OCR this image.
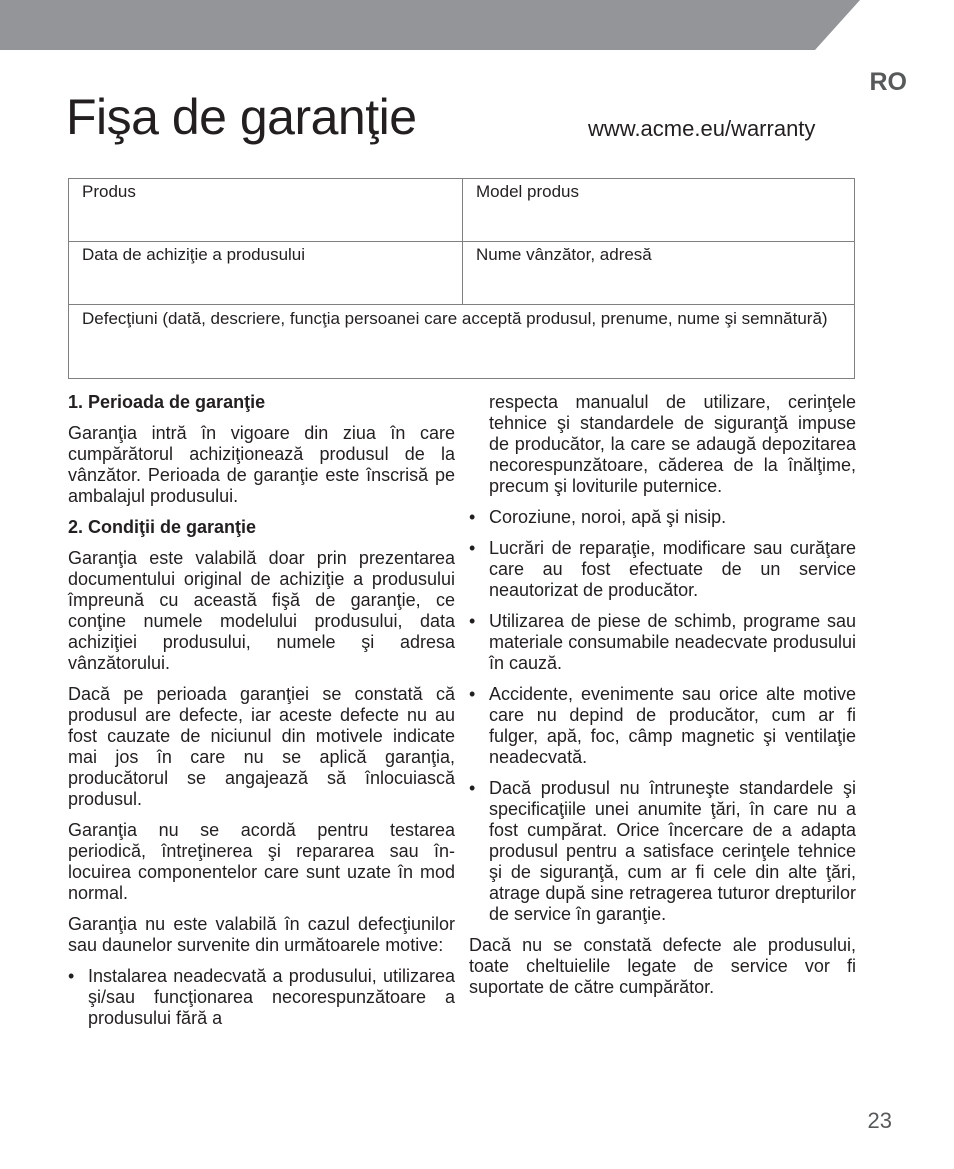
RO
Fişa de garanţie	www.acme.eu/warranty
Produs	Model produs
Data de achiziţie a produsului	Nume vânzător, adresă
Defecţiuni (dată, descriere, funcţia persoanei care acceptă produsul, prenume, nume şi semnătură)
1. Perioada de garanţie

Garanţia intră în vigoare din ziua în care cumpărătorul achiziţionează produsul de la vânzător. Perioada de garanţie este înscrisă pe ambalajul produsului.

2. Condiţii de garanţie

Garanţia este valabilă doar prin prezentarea documentului original de achiziţie a produsului împreună cu această fişă de garanţie, ce conţine numele modelului produsului, data achiziţiei produsului, numele şi adresa vânzătorului.

Dacă pe perioada garanţiei se constată că produsul are defecte, iar aceste defecte nu au fost cauzate de niciunul din motivele indicate mai jos în care nu se aplică garanţia, producătorul se angajează să înlocuiască produsul.

Garanţia nu se acordă pentru testarea periodică, întreţinerea şi repararea sau în-locuirea componentelor care sunt uzate în mod normal.

Garanţia nu este valabilă în cazul defecţiunilor sau daunelor survenite din următoarele motive:

• Instalarea neadecvată a produsului, utilizarea şi/sau funcţionarea necorespunzătoare a produsului fără a
respecta manualul de utilizare, cerinţele tehnice şi standardele de siguranţă impuse de producător, la care se adaugă depozitarea necorespunzătoare, căderea de la înălţime, precum şi loviturile puternice.
• Coroziune, noroi, apă şi nisip.
• Lucrări de reparaţie, modificare sau curăţare care au fost efectuate de un service neautorizat de producător.
• Utilizarea de piese de schimb, programe sau materiale consumabile neadecvate produsului în cauză.
• Accidente, evenimente sau orice alte motive care nu depind de producător, cum ar fi fulger, apă, foc, câmp magnetic şi ventilaţie neadecvată.
• Dacă produsul nu întruneşte standardele şi specificaţiile unei anumite ţări, în care nu a fost cumpărat. Orice încercare de a adapta produsul pentru a satisface cerinţele tehnice şi de siguranţă, cum ar fi cele din alte ţări, atrage după sine retragerea tuturor drepturilor de service în garanţie.

Dacă nu se constată defecte ale produsului, toate cheltuielile legate de service vor fi suportate de către cumpărător.

23
